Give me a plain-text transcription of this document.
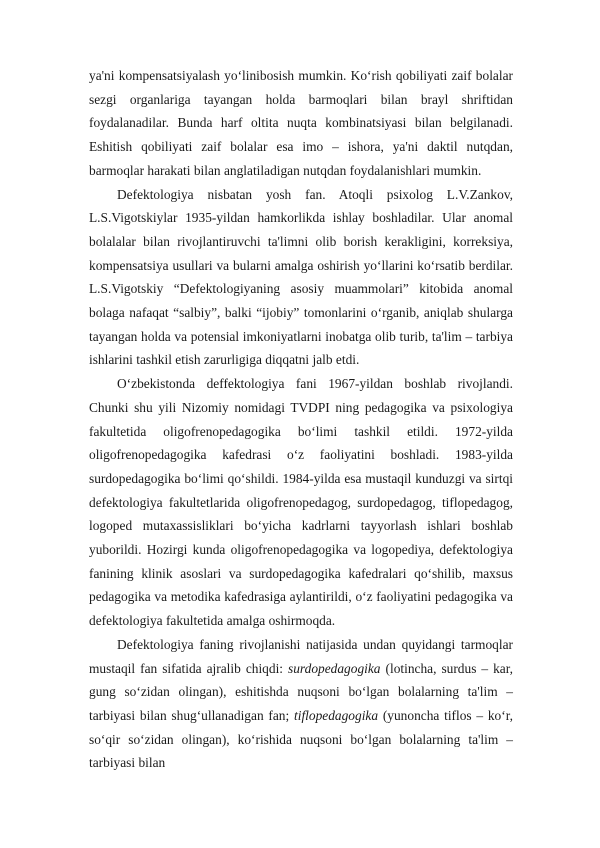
ya'ni kompensatsiyalash yo‘linibosish mumkin. Ko‘rish qobiliyati zaif bolalar sezgi organlariga tayangan holda barmoqlari bilan brayl shriftidan foydalanadilar. Bunda harf oltita nuqta kombinatsiyasi bilan belgilanadi. Eshitish qobiliyati zaif bolalar esa imo – ishora, ya'ni daktil nutqdan, barmoqlar harakati bilan anglatiladigan nutqdan foydalanishlari mumkin.

Defektologiya nisbatan yosh fan. Atoqli psixolog L.V.Zankov, L.S.Vigotskiylar 1935-yildan hamkorlikda ishlay boshladilar. Ular anomal bolalalar bilan rivojlantiruvchi ta'limni olib borish kerakligini, korreksiya, kompensatsiya usullari va bularni amalga oshirish yo‘llarini ko‘rsatib berdilar. L.S.Vigotskiy “Defektologiyaning asosiy muammolari” kitobida anomal bolaga nafaqat “salbiy”, balki “ijobiy” tomonlarini o‘rganib, aniqlab shularga tayangan holda va potensial imkoniyatlarni inobatga olib turib, ta'lim – tarbiya ishlarini tashkil etish zarurligiga diqqatni jalb etdi.

O‘zbekistonda deffektologiya fani 1967-yildan boshlab rivojlandi. Chunki shu yili Nizomiy nomidagi TVDPI ning pedagogika va psixologiya fakultetida oligofrenopedagogika bo‘limi tashkil etildi. 1972-yilda oligofrenopedagogika kafedrasi o‘z faoliyatini boshladi. 1983-yilda surdopedagogika bo‘limi qo‘shildi. 1984-yilda esa mustaqil kunduzgi va sirtqi defektologiya fakultetlarida oligofrenopedagog, surdopedagog, tiflopedagog, logoped mutaxassisliklari bo‘yicha kadrlarni tayyorlash ishlari boshlab yuborildi. Hozirgi kunda oligofrenopedagogika va logopediya, defektologiya fanining klinik asoslari va surdopedagogika kafedralari qo‘shilib, maxsus pedagogika va metodika kafedrasiga aylantirildi, o‘z faoliyatini pedagogika va defektologiya fakultetida amalga oshirmoqda.

Defektologiya faning rivojlanishi natijasida undan quyidangi tarmoqlar mustaqil fan sifatida ajralib chiqdi: surdopedagogika (lotincha, surdus – kar, gung so‘zidan olingan), eshitishda nuqsoni bo‘lgan bolalarning ta'lim – tarbiyasi bilan shug‘ullanadigan fan; tiflopedagogika (yunoncha tiflos – ko‘r, so‘qir so‘zidan olingan), ko‘rishida nuqsoni bo‘lgan bolalarning ta'lim – tarbiyasi bilan
